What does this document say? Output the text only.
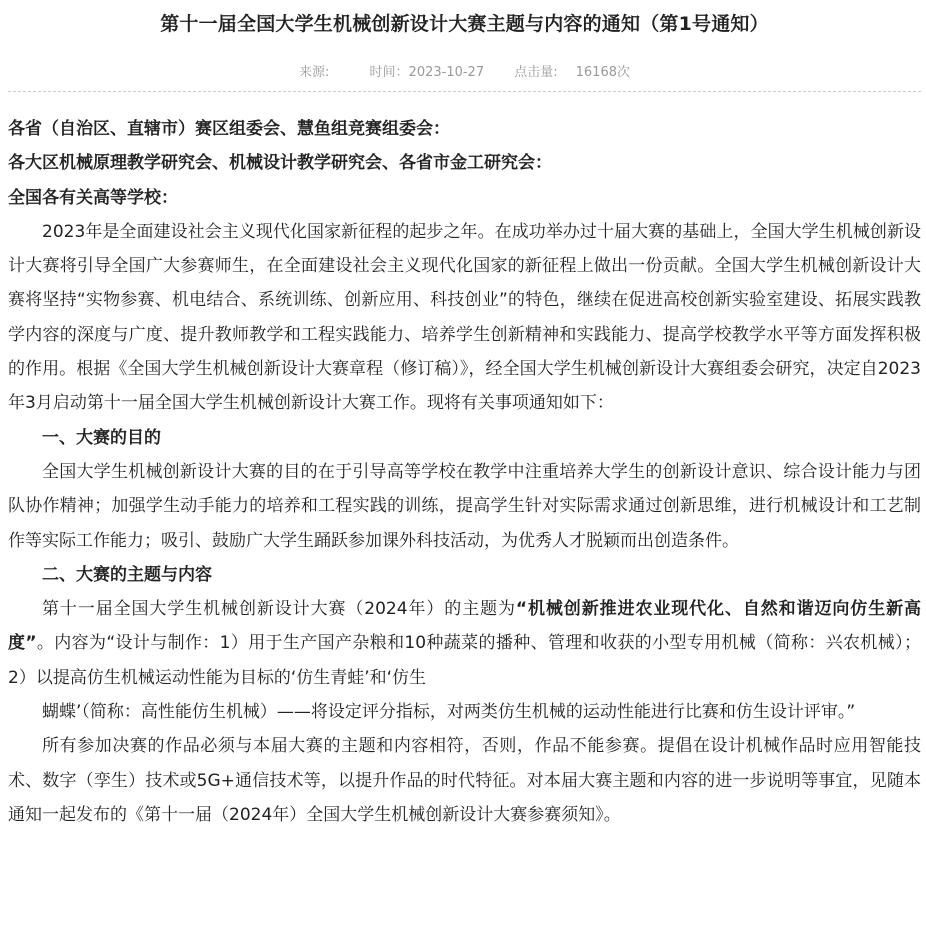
第十一届全国大学生机械创新设计大赛主题与内容的通知（第1号通知）
来源:	时间：2023-10-27 点击量: 16168次

各省（自治区、直辖市）赛区组委会、慧鱼组竞赛组委会：

各大区机械原理教学研究会、机械设计教学研究会、各省市金工研究会：

全国各有关高等学校：

2023年是全面建设社会主义现代化国家新征程的起步之年。在成功举办过十届大赛的基础上，全国大学生机械创新设计大赛将引导全国广大参赛师生，在全面建设社会主义现代化国家的新征程上做出一份贡献。全国大学生机械创新设计大赛将坚持“实物参赛、机电结合、系统训练、创新应用、科技创业”的特色，继续在促进高校创新实验室建设、拓展实践教学内容的深度与广度、提升教师教学和工程实践能力、培养学生创新精神和实践能力、提高学校教学水平等方面发挥积极的作用。根据《全国大学生机械创新设计大赛章程（修订稿）》，经全国大学生机械创新设计大赛组委会研究，决定自2023年3月启动第十一届全国大学生机械创新设计大赛工作。现将有关事项通知如下：

一、大赛的目的

全国大学生机械创新设计大赛的目的在于引导高等学校在教学中注重培养大学生的创新设计意识、综合设计能力与团队协作精神；加强学生动手能力的培养和工程实践的训练，提高学生针对实际需求通过创新思维，进行机械设计和工艺制作等实际工作能力；吸引、鼓励广大学生踊跃参加课外科技活动，为优秀人才脱颖而出创造条件。

二、大赛的主题与内容

第十一届全国大学生机械创新设计大赛（2024年）的主题为“机械创新推进农业现代化、自然和谐迈向仿生新高度”。内容为“设计与制作：1）用于生产国产杂粮和10种蔬菜的播种、管理和收获的小型专用机械（简称：兴农机械）；2）以提高仿生机械运动性能为目标的‘仿生青蛙’和‘仿生

蝴蝶’（简称：高性能仿生机械）——将设定评分指标，对两类仿生机械的运动性能进行比赛和仿生设计评审。”

所有参加决赛的作品必须与本届大赛的主题和内容相符，否则，作品不能参赛。提倡在设计机械作品时应用智能技术、数字（孪生）技术或5G+通信技术等，以提升作品的时代特征。对本届大赛主题和内容的进一步说明等事宜，见随本通知一起发布的《第十一届（2024年）全国大学生机械创新设计大赛参赛须知》。
